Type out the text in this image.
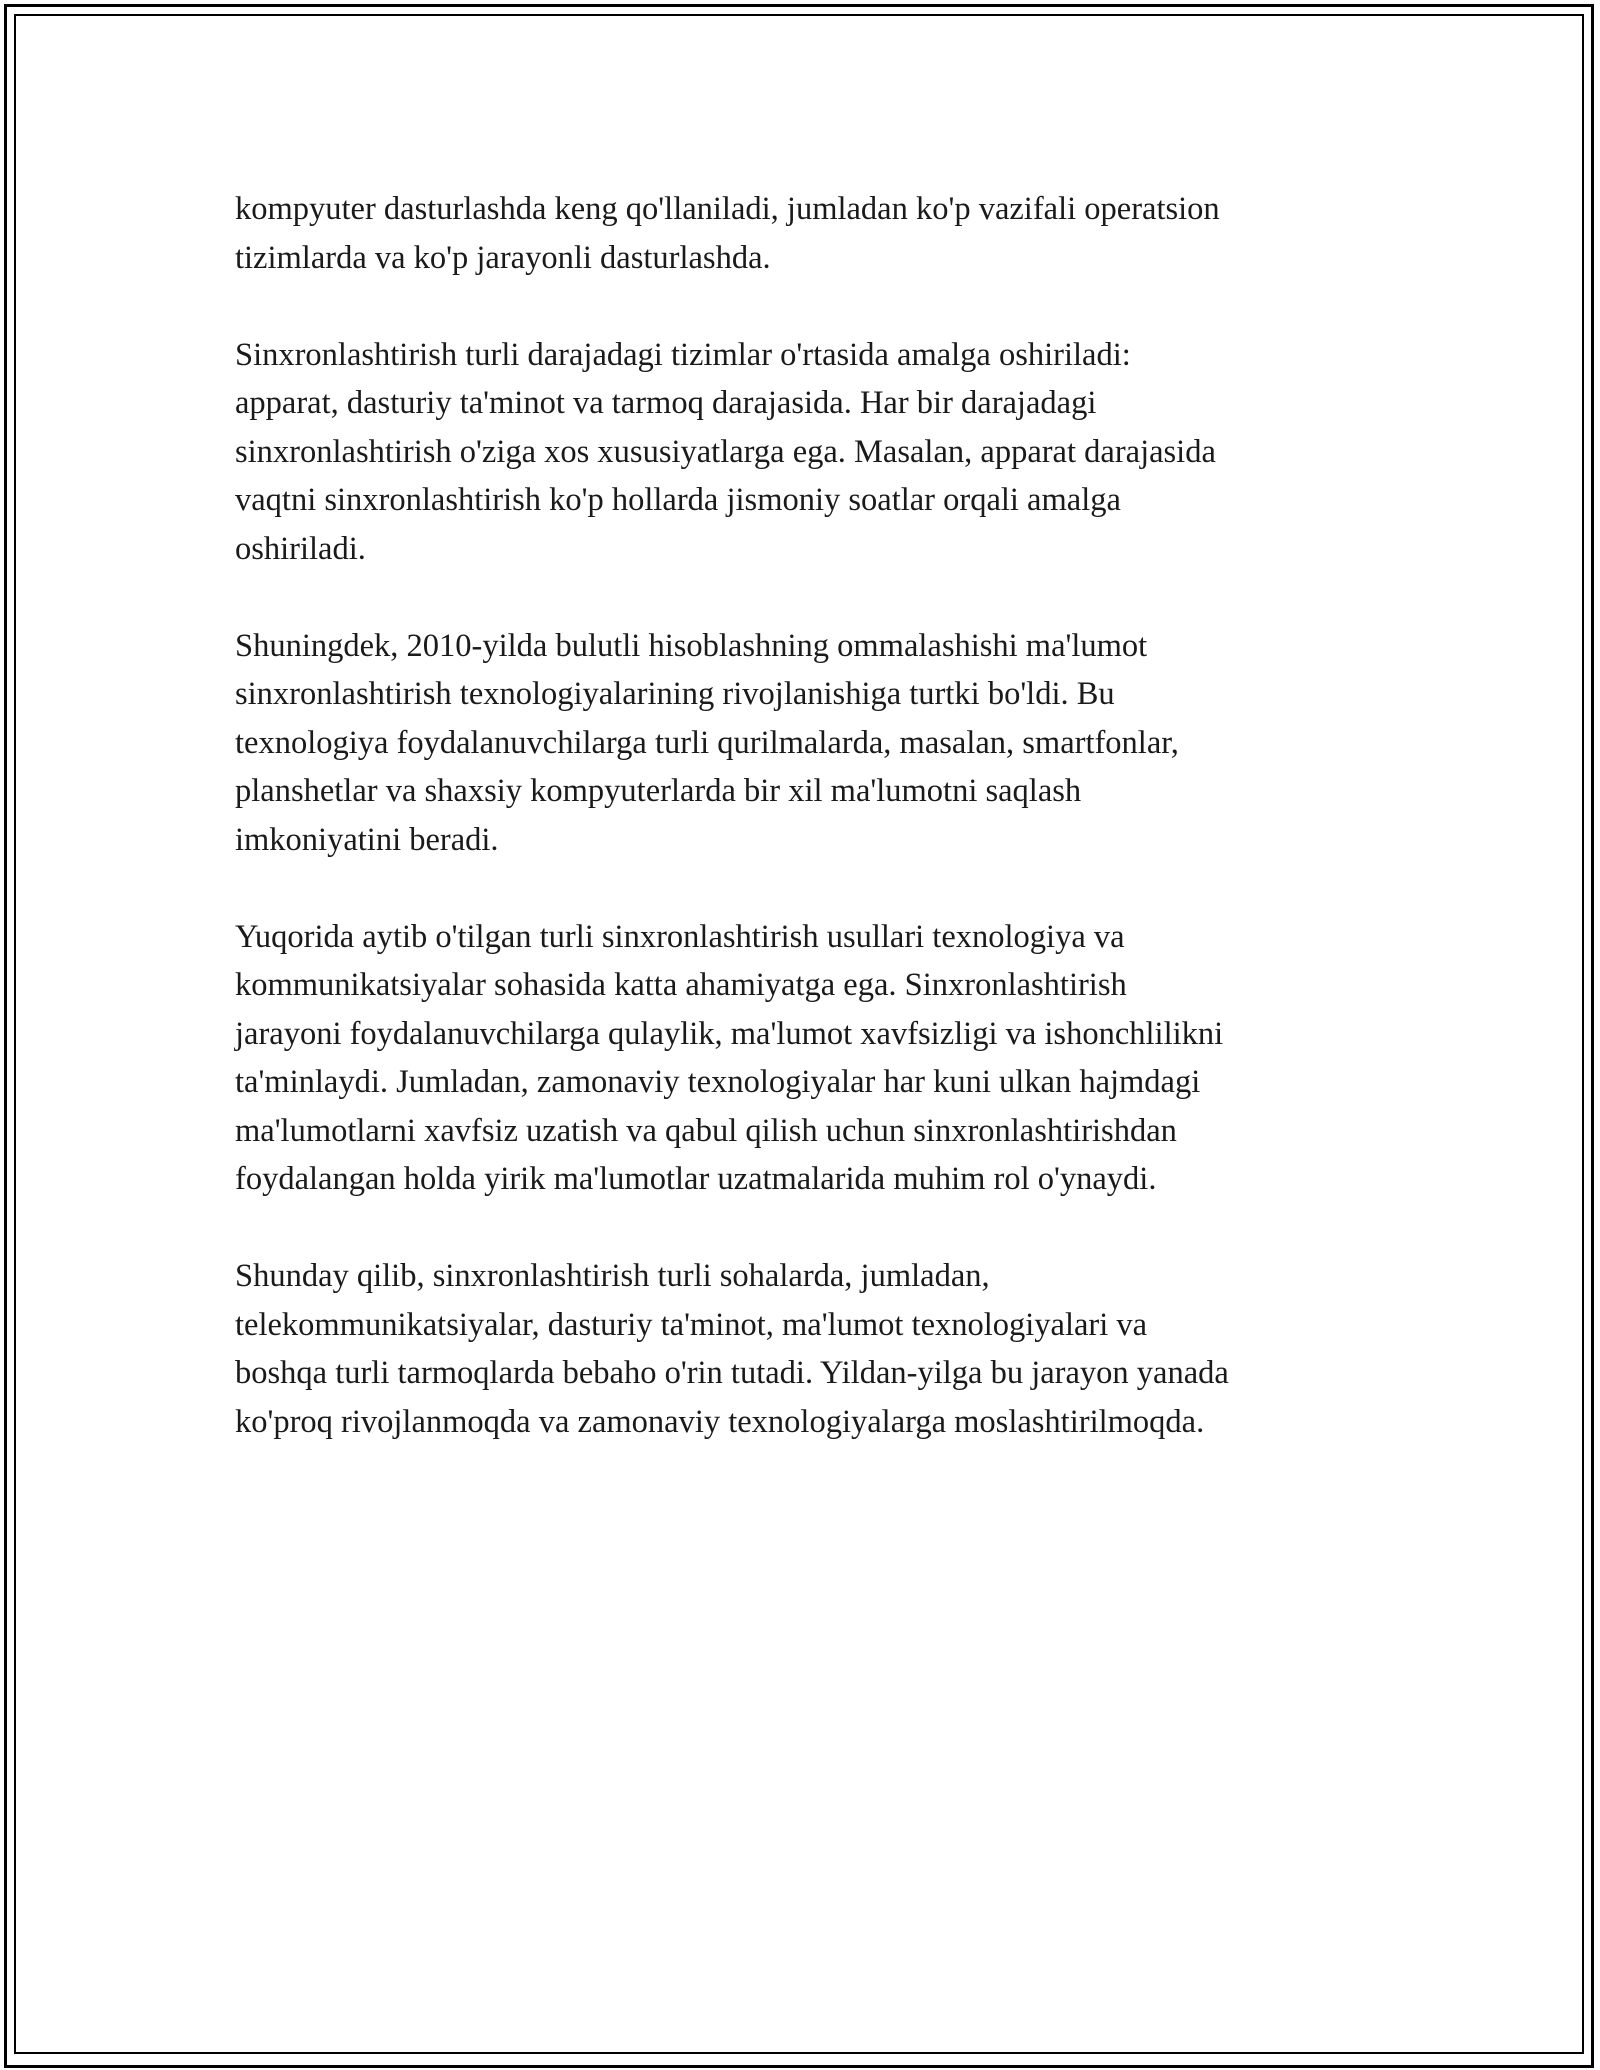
kompyuter dasturlashda keng qo'llaniladi, jumladan ko'p vazifali operatsion
tizimlarda va ko'p jarayonli dasturlashda.

Sinxronlashtirish turli darajadagi tizimlar o'rtasida amalga oshiriladi:
apparat, dasturiy ta'minot va tarmoq darajasida. Har bir darajadagi
sinxronlashtirish o'ziga xos xususiyatlarga ega. Masalan, apparat darajasida
vaqtni sinxronlashtirish ko'p hollarda jismoniy soatlar orqali amalga
oshiriladi.

Shuningdek, 2010-yilda bulutli hisoblashning ommalashishi ma'lumot
sinxronlashtirish texnologiyalarining rivojlanishiga turtki bo'ldi. Bu
texnologiya foydalanuvchilarga turli qurilmalarda, masalan, smartfonlar,
planshetlar va shaxsiy kompyuterlarda bir xil ma'lumotni saqlash
imkoniyatini beradi.

Yuqorida aytib o'tilgan turli sinxronlashtirish usullari texnologiya va
kommunikatsiyalar sohasida katta ahamiyatga ega. Sinxronlashtirish
jarayoni foydalanuvchilarga qulaylik, ma'lumot xavfsizligi va ishonchlilikni
ta'minlaydi. Jumladan, zamonaviy texnologiyalar har kuni ulkan hajmdagi
ma'lumotlarni xavfsiz uzatish va qabul qilish uchun sinxronlashtirishdan
foydalangan holda yirik ma'lumotlar uzatmalarida muhim rol o'ynaydi.

Shunday qilib, sinxronlashtirish turli sohalarda, jumladan,
telekommunikatsiyalar, dasturiy ta'minot, ma'lumot texnologiyalari va
boshqa turli tarmoqlarda bebaho o'rin tutadi. Yildan-yilga bu jarayon yanada
ko'proq rivojlanmoqda va zamonaviy texnologiyalarga moslashtirilmoqda.
